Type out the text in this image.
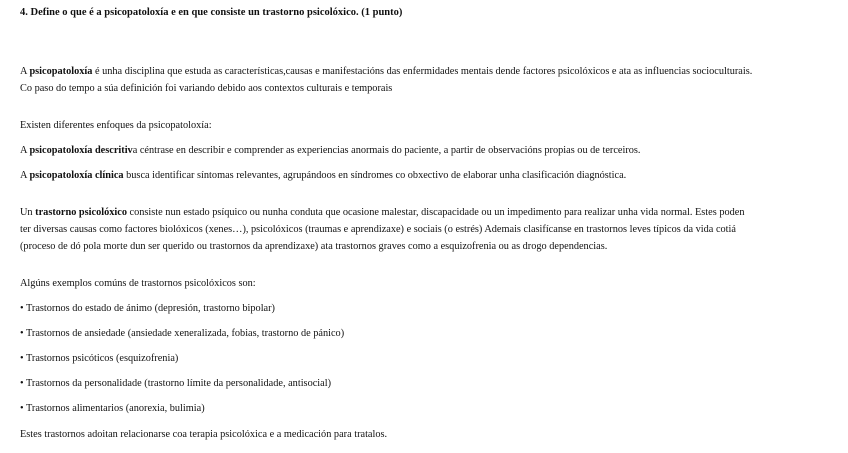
4. Define o que é a psicopatoloxía e en que consiste un trastorno psicolóxico. (1 punto)
A psicopatoloxía é unha disciplina que estuda as características,causas e manifestacións das enfermidades mentais dende factores psicolóxicos e ata as influencias socioculturais.
Co paso do tempo a súa definición foi variando debido aos contextos culturais e temporais
Existen diferentes enfoques da psicopatoloxía:
A psicopatoloxía descritiva céntrase en describir e comprender as experiencias anormais do paciente, a partir de observacións propias ou de terceiros.
A psicopatoloxía clínica busca identificar síntomas relevantes, agrupándoos en síndromes co obxectivo de elaborar unha clasificación diagnóstica.
Un trastorno psicolóxico consiste nun estado psíquico ou nunha conduta que ocasione malestar, discapacidade ou un impedimento para realizar unha vida normal. Estes poden
ter diversas causas como factores biolóxicos (xenes…), psicolóxicos (traumas e aprendizaxe) e sociais (o estrés) Ademais clasifícanse en trastornos leves típicos da vida cotiá
(proceso de dó pola morte dun ser querido ou trastornos da aprendizaxe) ata trastornos graves como a esquizofrenia ou as drogo dependencias.
Algúns exemplos comúns de trastornos psicolóxicos son:
• Trastornos do estado de ánimo (depresión, trastorno bipolar)
• Trastornos de ansiedade (ansiedade xeneralizada, fobias, trastorno de pánico)
• Trastornos psicóticos (esquizofrenia)
• Trastornos da personalidade (trastorno límite da personalidade, antisocial)
• Trastornos alimentarios (anorexia, bulimia)
Estes trastornos adoitan relacionarse coa terapia psicolóxica e a medicación para tratalos.
